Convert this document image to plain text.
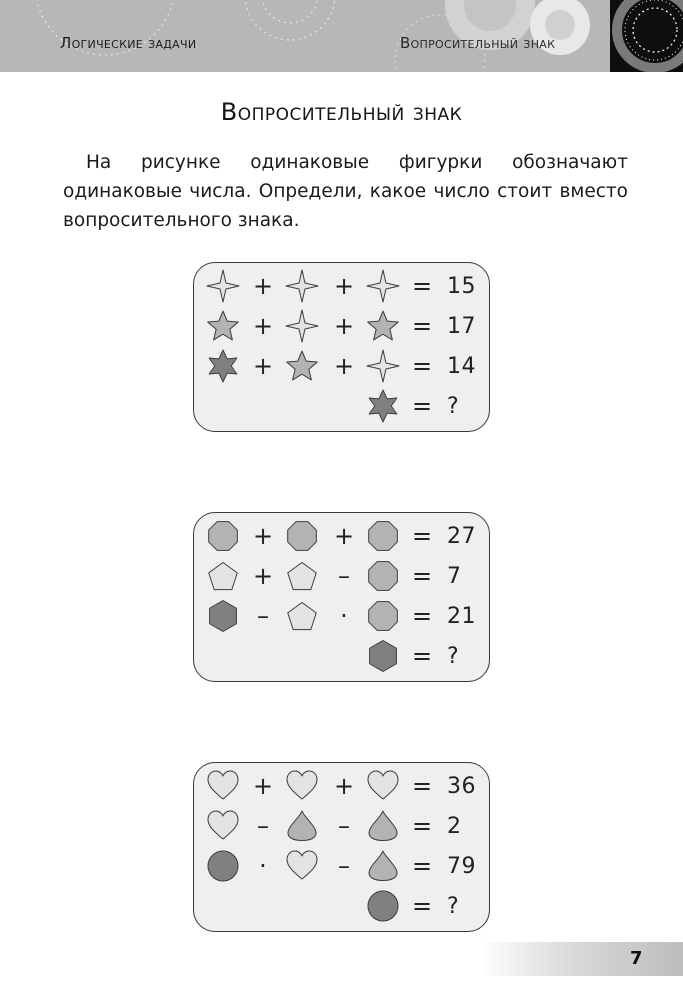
Логические задачи	Вопросительный знак
Вопросительный знак
На рисунке одинаковые фигурки обозначают одинаковые числа. Определи, какое число стоит вместо вопросительного знака.
+	+ = 15
+	+ = 17
+	+ = 14
= ?
+	+ = 27
+	–	= 7
–	·	= 21
= ?
+	+ = 36
–	–	= 2
·	–	= 79
= ?
7
